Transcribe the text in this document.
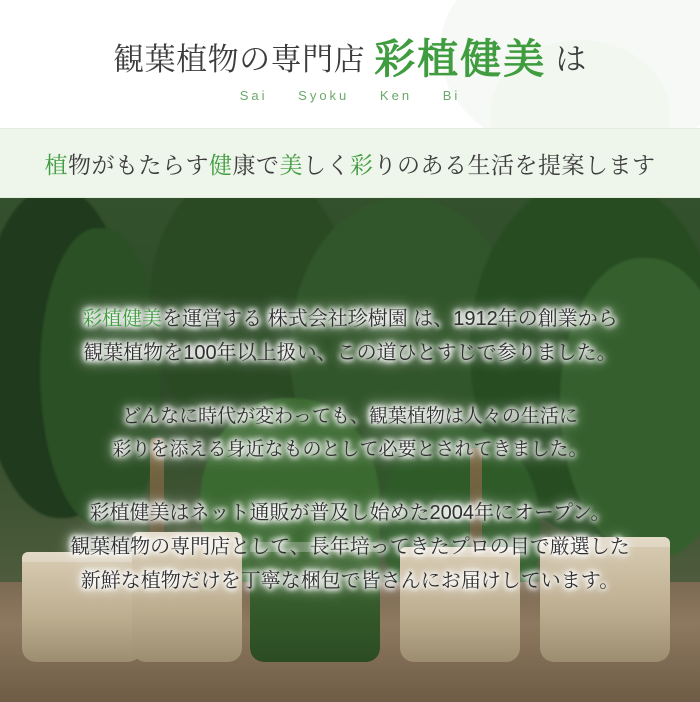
観葉植物の専門店 彩植健美 は
Sai Syoku Ken Bi
植物がもたらす健康で美しく彩りのある生活を提案します
彩植健美を運営する 株式会社珍樹園 は、1912年の創業から
観葉植物を100年以上扱い、この道ひとすじで参りました。
どんなに時代が変わっても、観葉植物は人々の生活に
彩りを添える身近なものとして必要とされてきました。
彩植健美はネット通販が普及し始めた2004年にオープン。
観葉植物の専門店として、長年培ってきたプロの目で厳選した
新鮮な植物だけを丁寧な梱包で皆さんにお届けしています。
